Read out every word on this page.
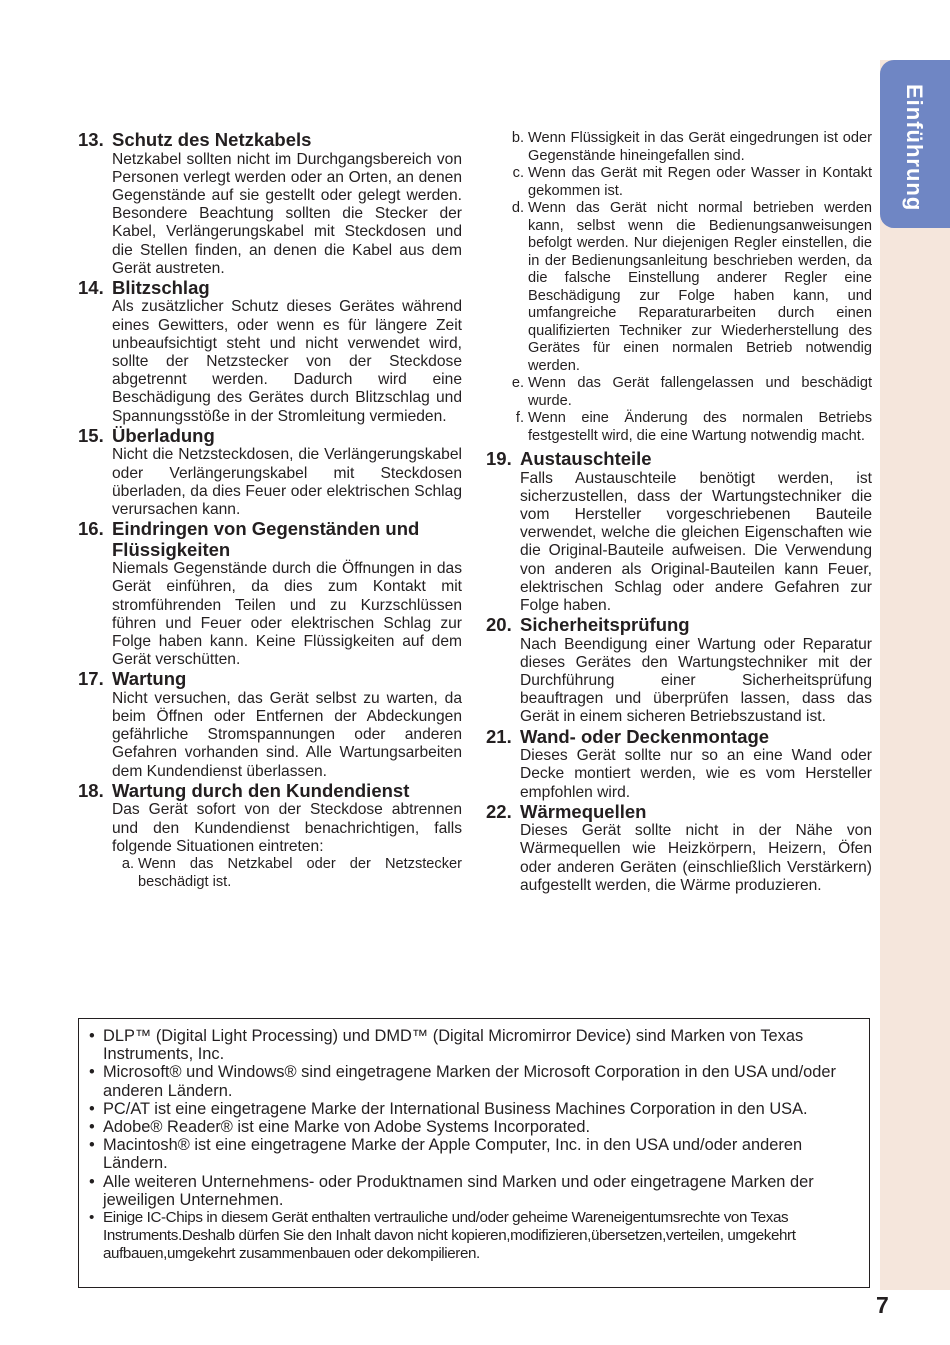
Einführung
13. Schutz des Netzkabels
Netzkabel sollten nicht im Durchgangsbereich von Personen verlegt werden oder an Orten, an denen Gegenstände auf sie gestellt oder gelegt werden. Besondere Beachtung sollten die Stecker der Kabel, Verlängerungskabel mit Steckdosen und die Stellen finden, an denen die Kabel aus dem Gerät austreten.
14. Blitzschlag
Als zusätzlicher Schutz dieses Gerätes während eines Gewitters, oder wenn es für längere Zeit unbeaufsichtigt steht und nicht verwendet wird, sollte der Netzstecker von der Steckdose abgetrennt werden. Dadurch wird eine Beschädigung des Gerätes durch Blitzschlag und Spannungsstöße in der Stromleitung vermieden.
15. Überladung
Nicht die Netzsteckdosen, die Verlängerungskabel oder Verlängerungskabel mit Steckdosen überladen, da dies Feuer oder elektrischen Schlag verursachen kann.
16. Eindringen von Gegenständen und Flüssigkeiten
Niemals Gegenstände durch die Öffnungen in das Gerät einführen, da dies zum Kontakt mit stromführenden Teilen und zu Kurzschlüssen führen und Feuer oder elektrischen Schlag zur Folge haben kann. Keine Flüssigkeiten auf dem Gerät verschütten.
17. Wartung
Nicht versuchen, das Gerät selbst zu warten, da beim Öffnen oder Entfernen der Abdeckungen gefährliche Stromspannungen oder anderen Gefahren vorhanden sind. Alle Wartungsarbeiten dem Kundendienst überlassen.
18. Wartung durch den Kundendienst
Das Gerät sofort von der Steckdose abtrennen und den Kundendienst benachrichtigen, falls folgende Situationen eintreten:
a. Wenn das Netzkabel oder der Netzstecker beschädigt ist.
b. Wenn Flüssigkeit in das Gerät eingedrungen ist oder Gegenstände hineingefallen sind.
c. Wenn das Gerät mit Regen oder Wasser in Kontakt gekommen ist.
d. Wenn das Gerät nicht normal betrieben werden kann, selbst wenn die Bedienungsanweisungen befolgt werden. Nur diejenigen Regler einstellen, die in der Bedienungsanleitung beschrieben werden, da die falsche Einstellung anderer Regler eine Beschädigung zur Folge haben kann, und umfangreiche Reparaturarbeiten durch einen qualifizierten Techniker zur Wiederherstellung des Gerätes für einen normalen Betrieb notwendig werden.
e. Wenn das Gerät fallengelassen und beschädigt wurde.
f. Wenn eine Änderung des normalen Betriebs festgestellt wird, die eine Wartung notwendig macht.
19. Austauschteile
Falls Austauschteile benötigt werden, ist sicherzustellen, dass der Wartungstechniker die vom Hersteller vorgeschriebenen Bauteile verwendet, welche die gleichen Eigenschaften wie die Original-Bauteile aufweisen. Die Verwendung von anderen als Original-Bauteilen kann Feuer, elektrischen Schlag oder andere Gefahren zur Folge haben.
20. Sicherheitsprüfung
Nach Beendigung einer Wartung oder Reparatur dieses Gerätes den Wartungstechniker mit der Durchführung einer Sicherheitsprüfung beauftragen und überprüfen lassen, dass das Gerät in einem sicheren Betriebszustand ist.
21. Wand- oder Deckenmontage
Dieses Gerät sollte nur so an eine Wand oder Decke montiert werden, wie es vom Hersteller empfohlen wird.
22. Wärmequellen
Dieses Gerät sollte nicht in der Nähe von Wärmequellen wie Heizkörpern, Heizern, Öfen oder anderen Geräten (einschließlich Verstärkern) aufgestellt werden, die Wärme produzieren.
• DLP™ (Digital Light Processing) und DMD™ (Digital Micromirror Device) sind Marken von Texas Instruments, Inc.
• Microsoft® und Windows® sind eingetragene Marken der Microsoft Corporation in den USA und/oder anderen Ländern.
• PC/AT ist eine eingetragene Marke der International Business Machines Corporation in den USA.
• Adobe® Reader® ist eine Marke von Adobe Systems Incorporated.
• Macintosh® ist eine eingetragene Marke der Apple Computer, Inc. in den USA und/oder anderen Ländern.
• Alle weiteren Unternehmens- oder Produktnamen sind Marken und oder eingetragene Marken der jeweiligen Unternehmen.
• Einige IC-Chips in diesem Gerät enthalten vertrauliche und/oder geheime Wareneigentumsrechte von Texas Instruments.Deshalb dürfen Sie den Inhalt davon nicht kopieren,modifizieren,übersetzen,verteilen, umgekehrt aufbauen,umgekehrt zusammenbauen oder dekompilieren.
7
